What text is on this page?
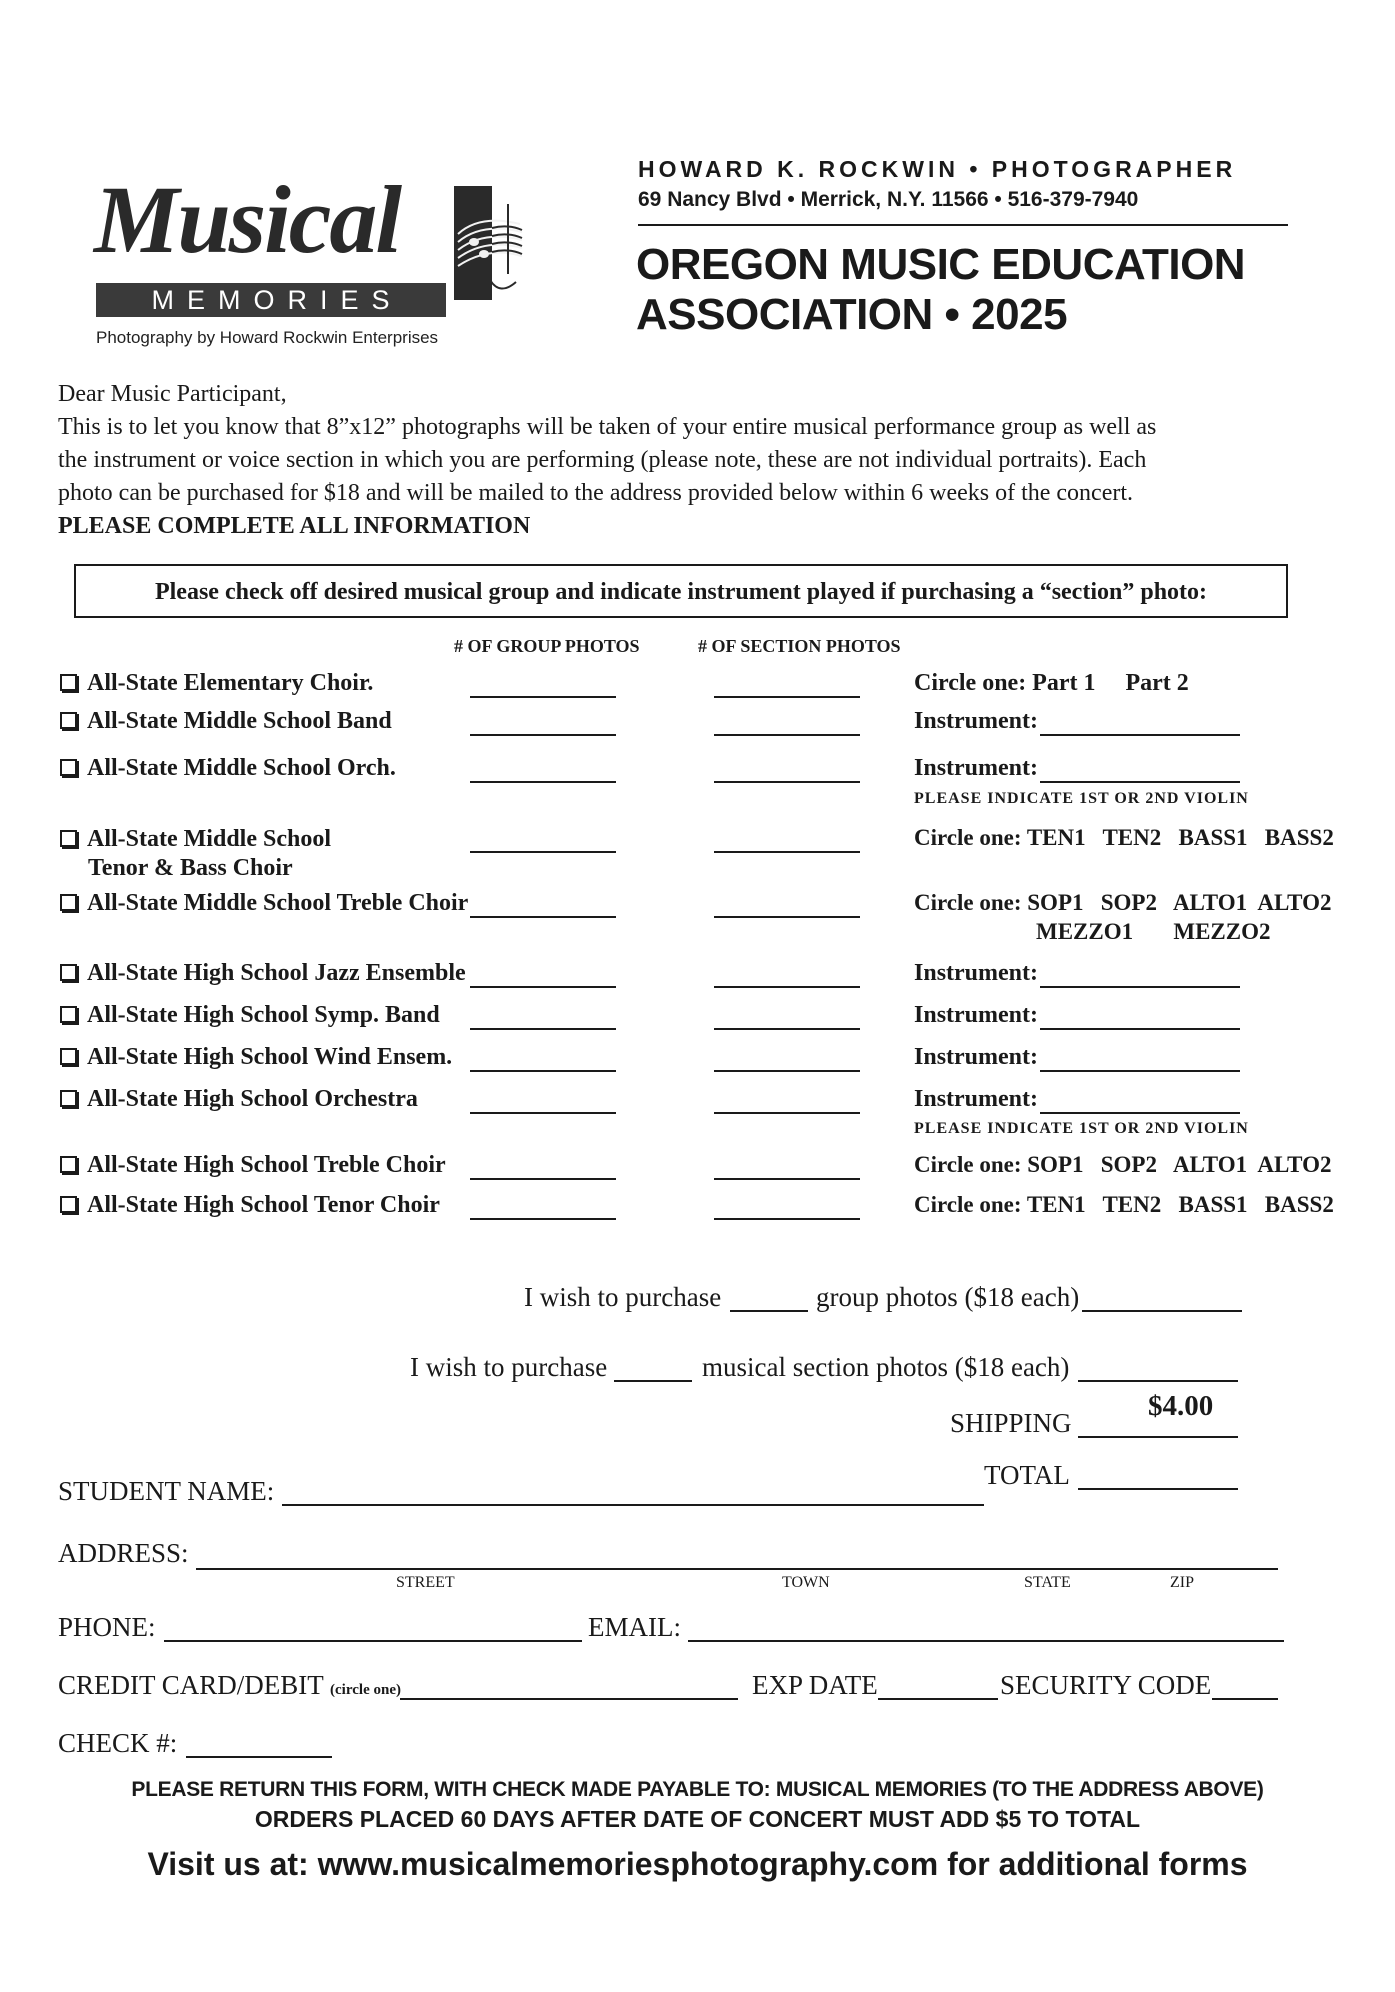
Musical
MEMORIES
Photography by Howard Rockwin Enterprises
HOWARD K. ROCKWIN • PHOTOGRAPHER
69 Nancy Blvd • Merrick, N.Y. 11566 • 516-379-7940
OREGON MUSIC EDUCATION
ASSOCIATION • 2025
Dear Music Participant,
This is to let you know that 8”x12” photographs will be taken of your entire musical performance group as well as
the instrument or voice section in which you are performing (please note, these are not individual portraits). Each
photo can be purchased for $18 and will be mailed to the address provided below within 6 weeks of the concert.
PLEASE COMPLETE ALL INFORMATION
Please check off desired musical group and indicate instrument played if purchasing a “section” photo:
# OF GROUP PHOTOS	# OF SECTION PHOTOS
All-State Elementary Choir.	Circle one: Part 1     Part 2
All-State Middle School Band	Instrument:
All-State Middle School Orch.	Instrument:
PLEASE INDICATE 1ST OR 2ND VIOLIN
All-State Middle School
Tenor & Bass Choir
Circle one: TEN1   TEN2   BASS1   BASS2
All-State Middle School Treble Choir	Circle one: SOP1   SOP2   ALTO1  ALTO2
MEZZO1       MEZZO2
All-State High School Jazz Ensemble	Instrument:
All-State High School Symp. Band	Instrument:
All-State High School Wind Ensem.	Instrument:
All-State High School Orchestra	Instrument:
PLEASE INDICATE 1ST OR 2ND VIOLIN
All-State High School Treble Choir	Circle one: SOP1   SOP2   ALTO1  ALTO2
All-State High School Tenor Choir	Circle one: TEN1   TEN2   BASS1   BASS2
I wish to purchase	group photos ($18 each)
I wish to purchase	musical section photos ($18 each)
SHIPPING
$4.00
TOTAL
STUDENT NAME:
ADDRESS:
STREET	TOWN	STATE	ZIP
PHONE:	EMAIL:
CREDIT CARD/DEBIT (circle one)	EXP DATE	SECURITY CODE
CHECK #:
PLEASE RETURN THIS FORM, WITH CHECK MADE PAYABLE TO: MUSICAL MEMORIES (TO THE ADDRESS ABOVE)
ORDERS PLACED 60 DAYS AFTER DATE OF CONCERT MUST ADD $5 TO TOTAL
Visit us at: www.musicalmemoriesphotography.com for additional forms
